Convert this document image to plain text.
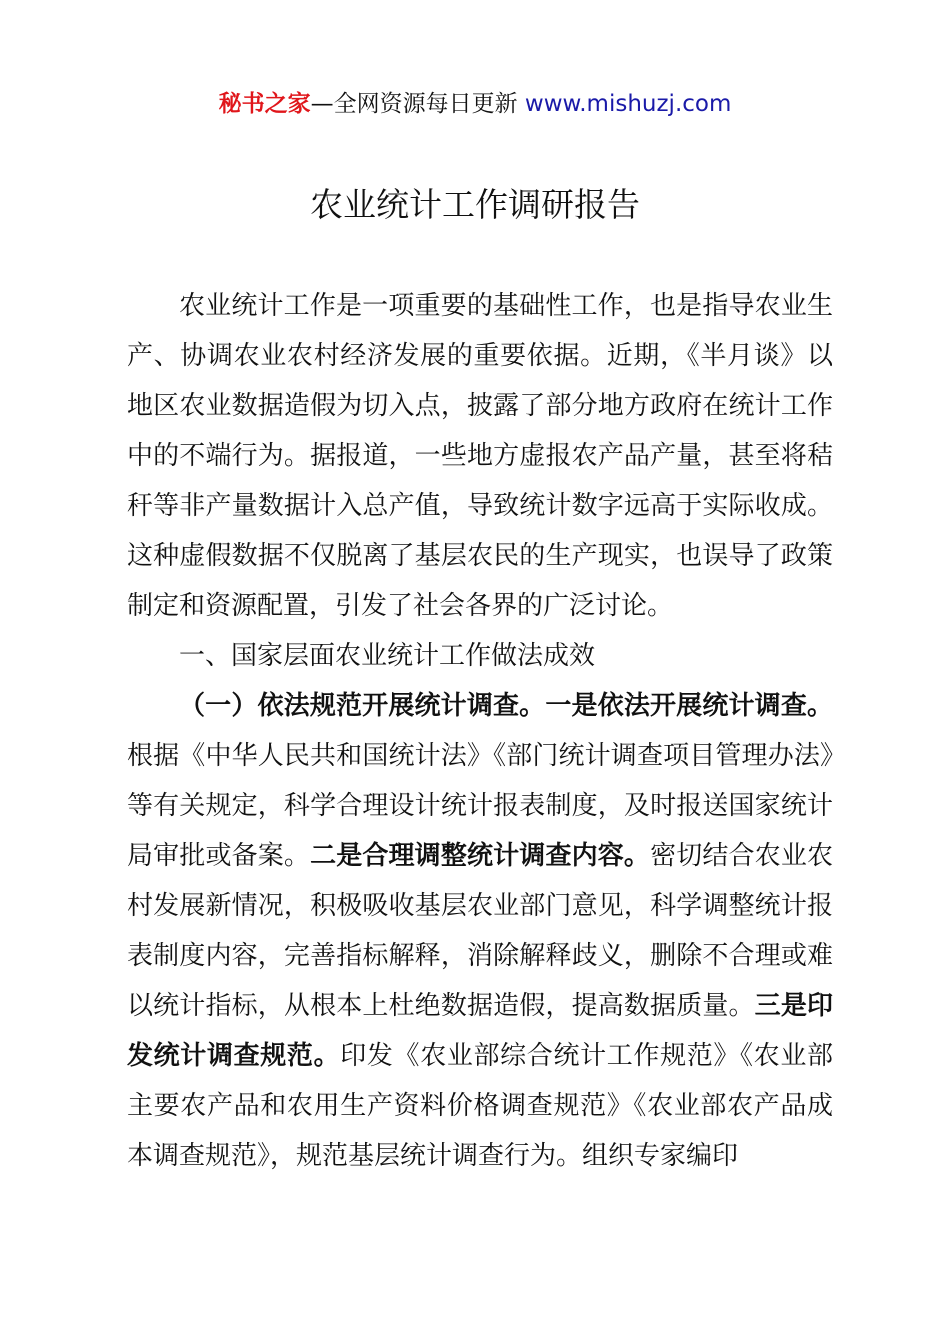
秘书之家—全网资源每日更新 www.mishuzj.com
农业统计工作调研报告

农业统计工作是一项重要的基础性工作，也是指导农业生产、协调农业农村经济发展的重要依据。近期，《半月谈》以地区农业数据造假为切入点，披露了部分地方政府在统计工作中的不端行为。据报道，一些地方虚报农产品产量，甚至将秸秆等非产量数据计入总产值，导致统计数字远高于实际收成。这种虚假数据不仅脱离了基层农民的生产现实，也误导了政策制定和资源配置，引发了社会各界的广泛讨论。

一、国家层面农业统计工作做法成效

（一）依法规范开展统计调查。一是依法开展统计调查。根据《中华人民共和国统计法》《部门统计调查项目管理办法》等有关规定，科学合理设计统计报表制度，及时报送国家统计局审批或备案。二是合理调整统计调查内容。密切结合农业农村发展新情况，积极吸收基层农业部门意见，科学调整统计报表制度内容，完善指标解释，消除解释歧义，删除不合理或难以统计指标，从根本上杜绝数据造假，提高数据质量。三是印发统计调查规范。印发《农业部综合统计工作规范》《农业部主要农产品和农用生产资料价格调查规范》《农业部农产品成本调查规范》，规范基层统计调查行为。组织专家编印
